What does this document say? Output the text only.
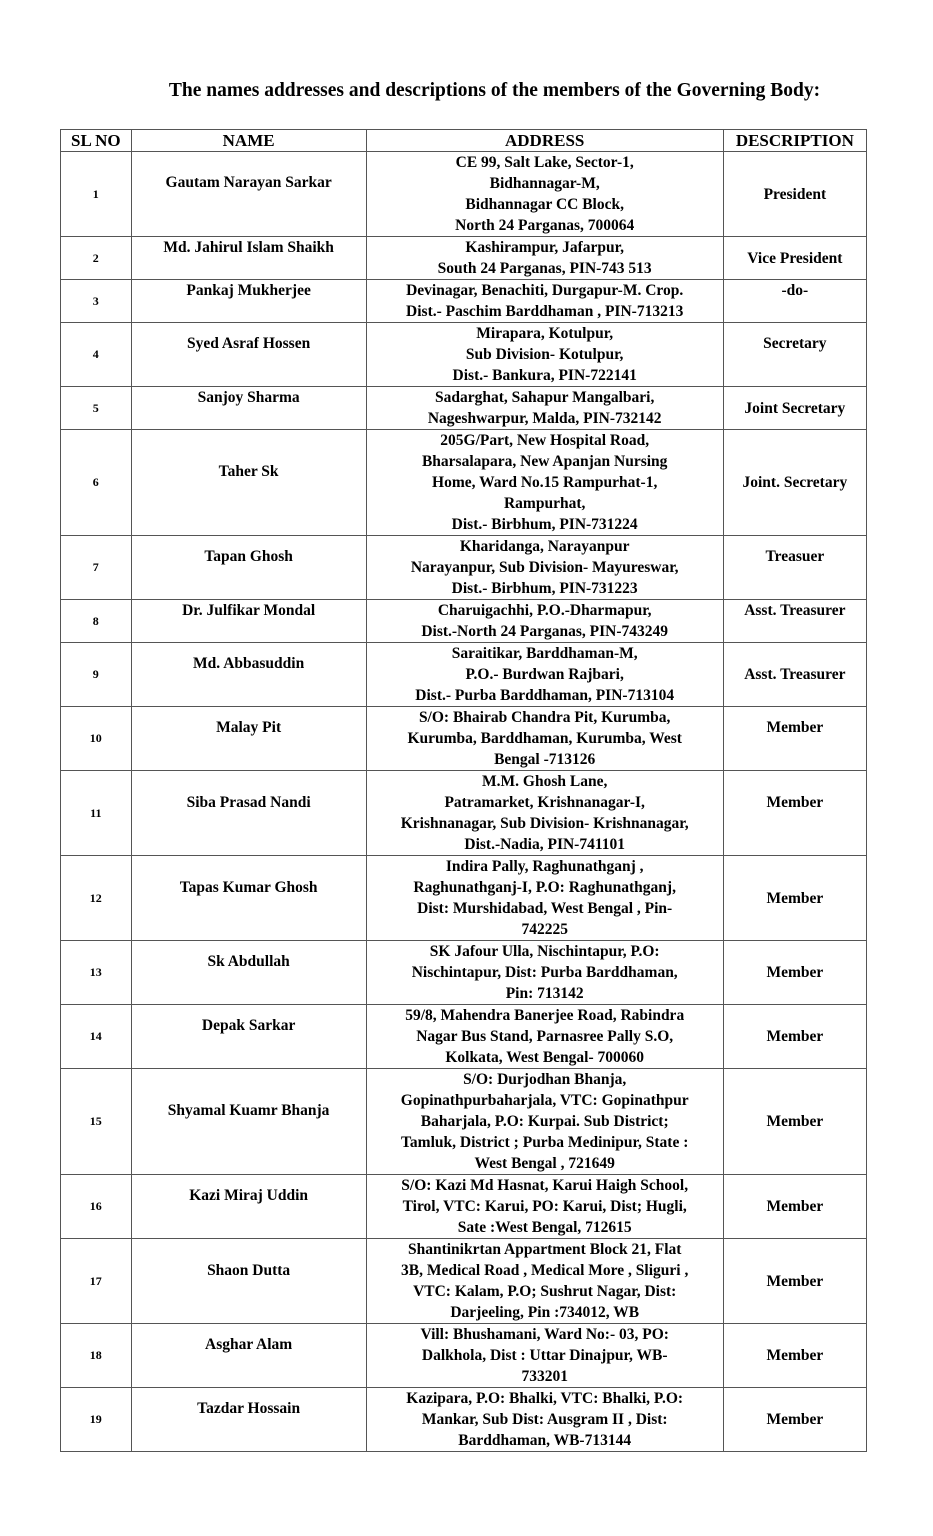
The names addresses and descriptions of the members of the Governing Body:
SL NO	NAME	ADDRESS	DESCRIPTION
1	Gautam Narayan Sarkar	CE 99, Salt Lake, Sector-1,
Bidhannagar-M,
Bidhannagar CC Block,
North 24 Parganas, 700064	President
2	Md. Jahirul Islam Shaikh	Kashirampur, Jafarpur,
South 24 Parganas, PIN-743 513	Vice President
3	Pankaj Mukherjee	Devinagar, Benachiti, Durgapur-M. Crop.
Dist.- Paschim Barddhaman , PIN-713213	-do-
4	Syed Asraf Hossen	Mirapara, Kotulpur,
Sub Division- Kotulpur,
Dist.- Bankura, PIN-722141	Secretary
5	Sanjoy Sharma	Sadarghat, Sahapur Mangalbari,
Nageshwarpur, Malda, PIN-732142	Joint Secretary
6	Taher Sk	205G/Part, New Hospital Road,
Bharsalapara, New Apanjan Nursing
Home, Ward No.15 Rampurhat-1,
Rampurhat,
Dist.- Birbhum, PIN-731224	Joint. Secretary
7	Tapan Ghosh	Kharidanga, Narayanpur
Narayanpur, Sub Division- Mayureswar,
Dist.- Birbhum, PIN-731223	Treasuer
8	Dr. Julfikar Mondal	Charuigachhi, P.O.-Dharmapur,
Dist.-North 24 Parganas, PIN-743249	Asst. Treasurer
9	Md. Abbasuddin	Saraitikar, Barddhaman-M,
P.O.- Burdwan Rajbari,
Dist.- Purba Barddhaman, PIN-713104	Asst. Treasurer
10	Malay Pit	S/O: Bhairab Chandra Pit, Kurumba,
Kurumba, Barddhaman, Kurumba, West
Bengal -713126	Member
11	Siba Prasad Nandi	M.M. Ghosh Lane,
Patramarket, Krishnanagar-I,
Krishnanagar, Sub Division- Krishnanagar,
Dist.-Nadia, PIN-741101	Member
12	Tapas Kumar Ghosh	Indira Pally, Raghunathganj ,
Raghunathganj-I, P.O: Raghunathganj,
Dist: Murshidabad, West Bengal , Pin-
742225	Member
13	Sk Abdullah	SK Jafour Ulla, Nischintapur, P.O:
Nischintapur, Dist: Purba Barddhaman,
Pin: 713142	Member
14	Depak Sarkar	59/8, Mahendra Banerjee Road, Rabindra
Nagar Bus Stand, Parnasree Pally S.O,
Kolkata, West Bengal- 700060	Member
15	Shyamal Kuamr Bhanja	S/O: Durjodhan Bhanja,
Gopinathpurbaharjala, VTC: Gopinathpur
Baharjala, P.O: Kurpai. Sub District;
Tamluk, District ; Purba Medinipur, State :
West Bengal , 721649	Member
16	Kazi Miraj Uddin	S/O: Kazi Md Hasnat, Karui Haigh School,
Tirol, VTC: Karui, PO: Karui, Dist; Hugli,
Sate :West Bengal, 712615	Member
17	Shaon Dutta	Shantinikrtan Appartment Block 21, Flat
3B, Medical Road , Medical More , Sliguri ,
VTC: Kalam, P.O; Sushrut Nagar, Dist:
Darjeeling, Pin :734012, WB	Member
18	Asghar Alam	Vill: Bhushamani, Ward No:- 03, PO:
Dalkhola, Dist : Uttar Dinajpur, WB-
733201	Member
19	Tazdar Hossain	Kazipara, P.O: Bhalki, VTC: Bhalki, P.O:
Mankar, Sub Dist: Ausgram II , Dist:
Barddhaman, WB-713144	Member
